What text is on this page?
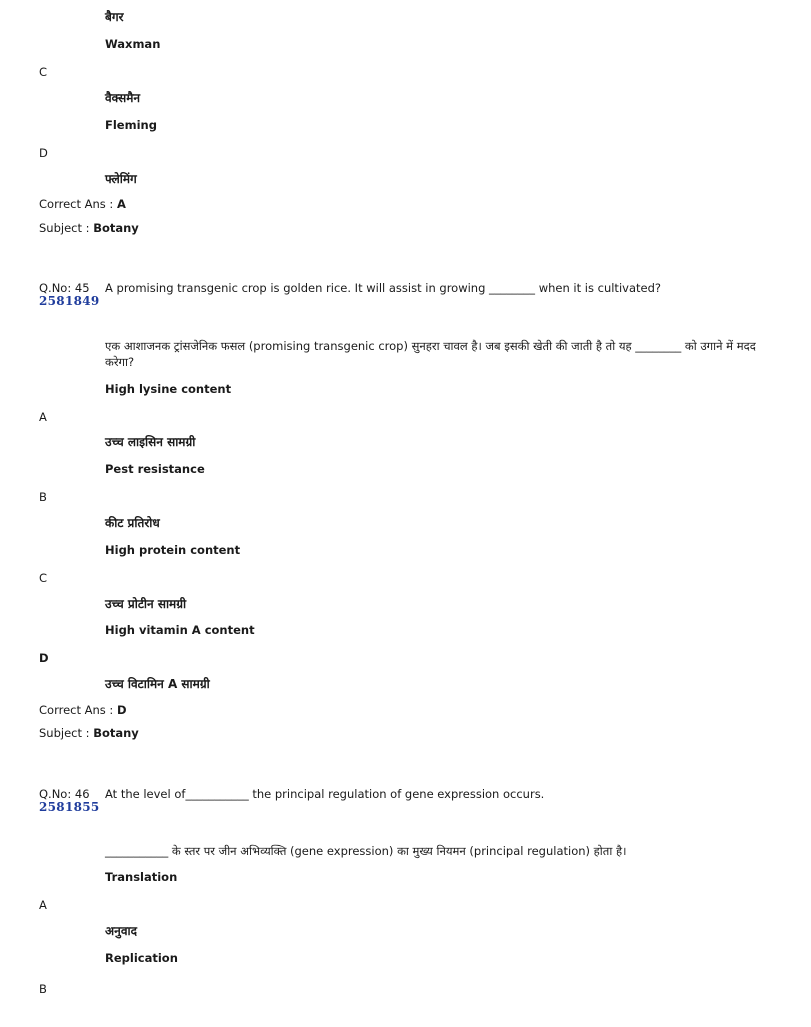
बैगर
Waxman
C
वैक्समैन
Fleming
D
फ्लेमिंग
Correct Ans : A
Subject : Botany
Q.No: 45
2581849
A promising transgenic crop is golden rice. It will assist in growing ________ when it is cultivated?
एक आशाजनक ट्रांसजेनिक फसल (promising transgenic crop) सुनहरा चावल है। जब इसकी खेती की जाती है तो यह ________ को उगाने में मदद करेगा?
High lysine content
A
उच्च लाइसिन सामग्री
Pest resistance
B
कीट प्रतिरोध
High protein content
C
उच्च प्रोटीन सामग्री
High vitamin A content
D
उच्च विटामिन A सामग्री
Correct Ans : D
Subject : Botany
Q.No: 46
2581855
At the level of___________ the principal regulation of gene expression occurs.
___________ के स्तर पर जीन अभिव्यक्ति (gene expression) का मुख्य नियमन (principal regulation) होता है।
Translation
A
अनुवाद
Replication
B
